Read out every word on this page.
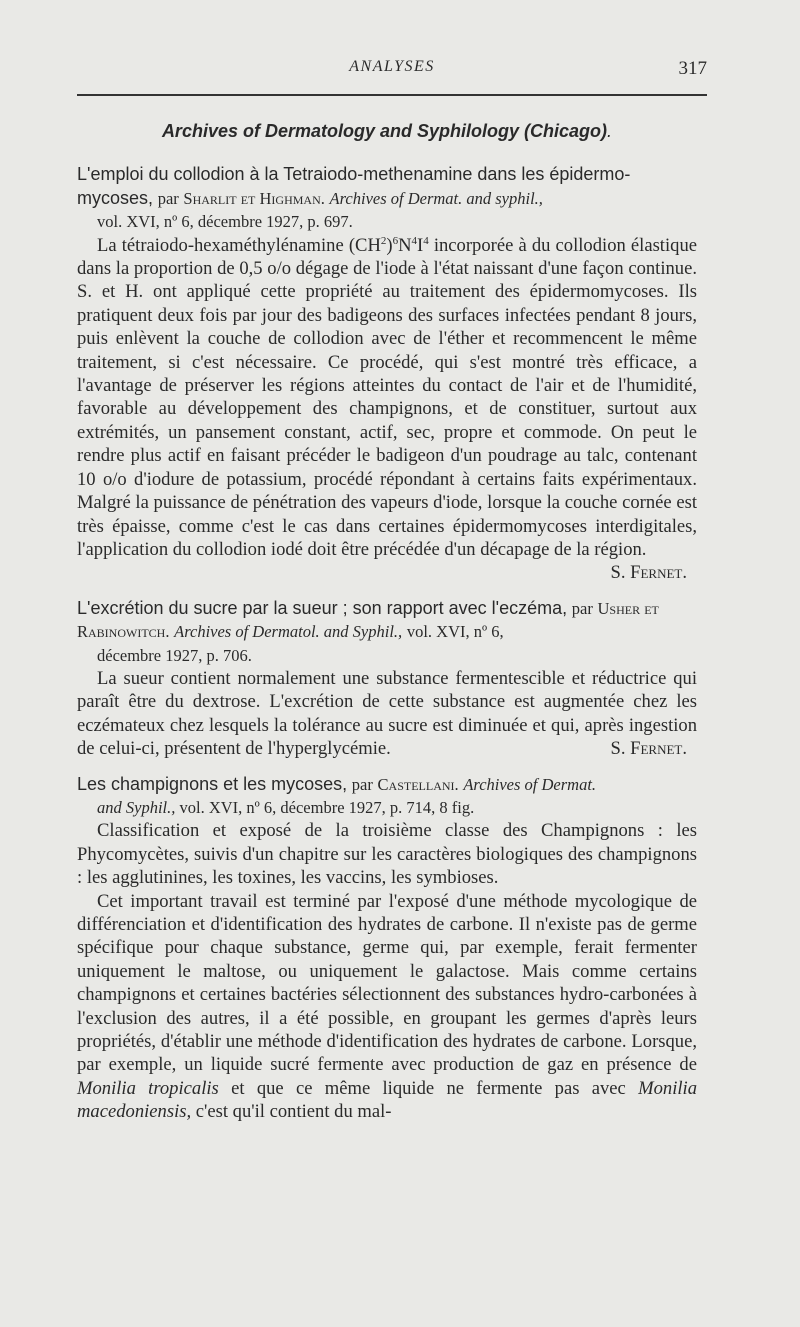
ANALYSES	317
Archives of Dermatology and Syphilology (Chicago).
L'emploi du collodion à la Tetraiodo-methenamine dans les épidermo-mycoses, par Sharlit et Highman. Archives of Dermat. and syphil.,
vol. XVI, nº 6, décembre 1927, p. 697.

La tétraiodo-hexaméthylénamine $(CH^2)^6N^4I^4$ incorporée à du collodion élastique dans la proportion de 0,5 o/o dégage de l'iode à l'état naissant d'une façon continue. S. et H. ont appliqué cette propriété au traitement des épidermomycoses. Ils pratiquent deux fois par jour des badigeons des surfaces infectées pendant 8 jours, puis enlèvent la couche de collodion avec de l'éther et recommencent le même traitement, si c'est nécessaire. Ce procédé, qui s'est montré très efficace, a l'avantage de préserver les régions atteintes du contact de l'air et de l'humidité, favorable au développement des champignons, et de constituer, surtout aux extrémités, un pansement constant, actif, sec, propre et commode. On peut le rendre plus actif en faisant précéder le badigeon d'un poudrage au talc, contenant 10 o/o d'iodure de potassium, procédé répondant à certains faits expérimentaux. Malgré la puissance de pénétration des vapeurs d'iode, lorsque la couche cornée est très épaisse, comme c'est le cas dans certaines épidermomycoses interdigitales, l'application du collodion iodé doit être précédée d'un décapage de la région.
S. Fernet.

L'excrétion du sucre par la sueur ; son rapport avec l'eczéma, par Usher et Rabinowitch. Archives of Dermatol. and Syphil., vol. XVI, nº 6,
décembre 1927, p. 706.

La sueur contient normalement une substance fermentescible et réductrice qui paraît être du dextrose. L'excrétion de cette substance est augmentée chez les eczémateux chez lesquels la tolérance au sucre est diminuée et qui, après ingestion de celui-ci, présentent de l'hyperglycémie.	S. Fernet.

Les champignons et les mycoses, par Castellani. Archives of Dermat.
and Syphil., vol. XVI, nº 6, décembre 1927, p. 714, 8 fig.

Classification et exposé de la troisième classe des Champignons : les Phycomycètes, suivis d'un chapitre sur les caractères biologiques des champignons : les agglutinines, les toxines, les vaccins, les symbioses.

Cet important travail est terminé par l'exposé d'une méthode mycologique de différenciation et d'identification des hydrates de carbone. Il n'existe pas de germe spécifique pour chaque substance, germe qui, par exemple, ferait fermenter uniquement le maltose, ou uniquement le galactose. Mais comme certains champignons et certaines bactéries sélectionnent des substances hydro-carbonées à l'exclusion des autres, il a été possible, en groupant les germes d'après leurs propriétés, d'établir une méthode d'identification des hydrates de carbone. Lorsque, par exemple, un liquide sucré fermente avec production de gaz en présence de Monilia tropicalis et que ce même liquide ne fermente pas avec Monilia macedoniensis, c'est qu'il contient du mal-
